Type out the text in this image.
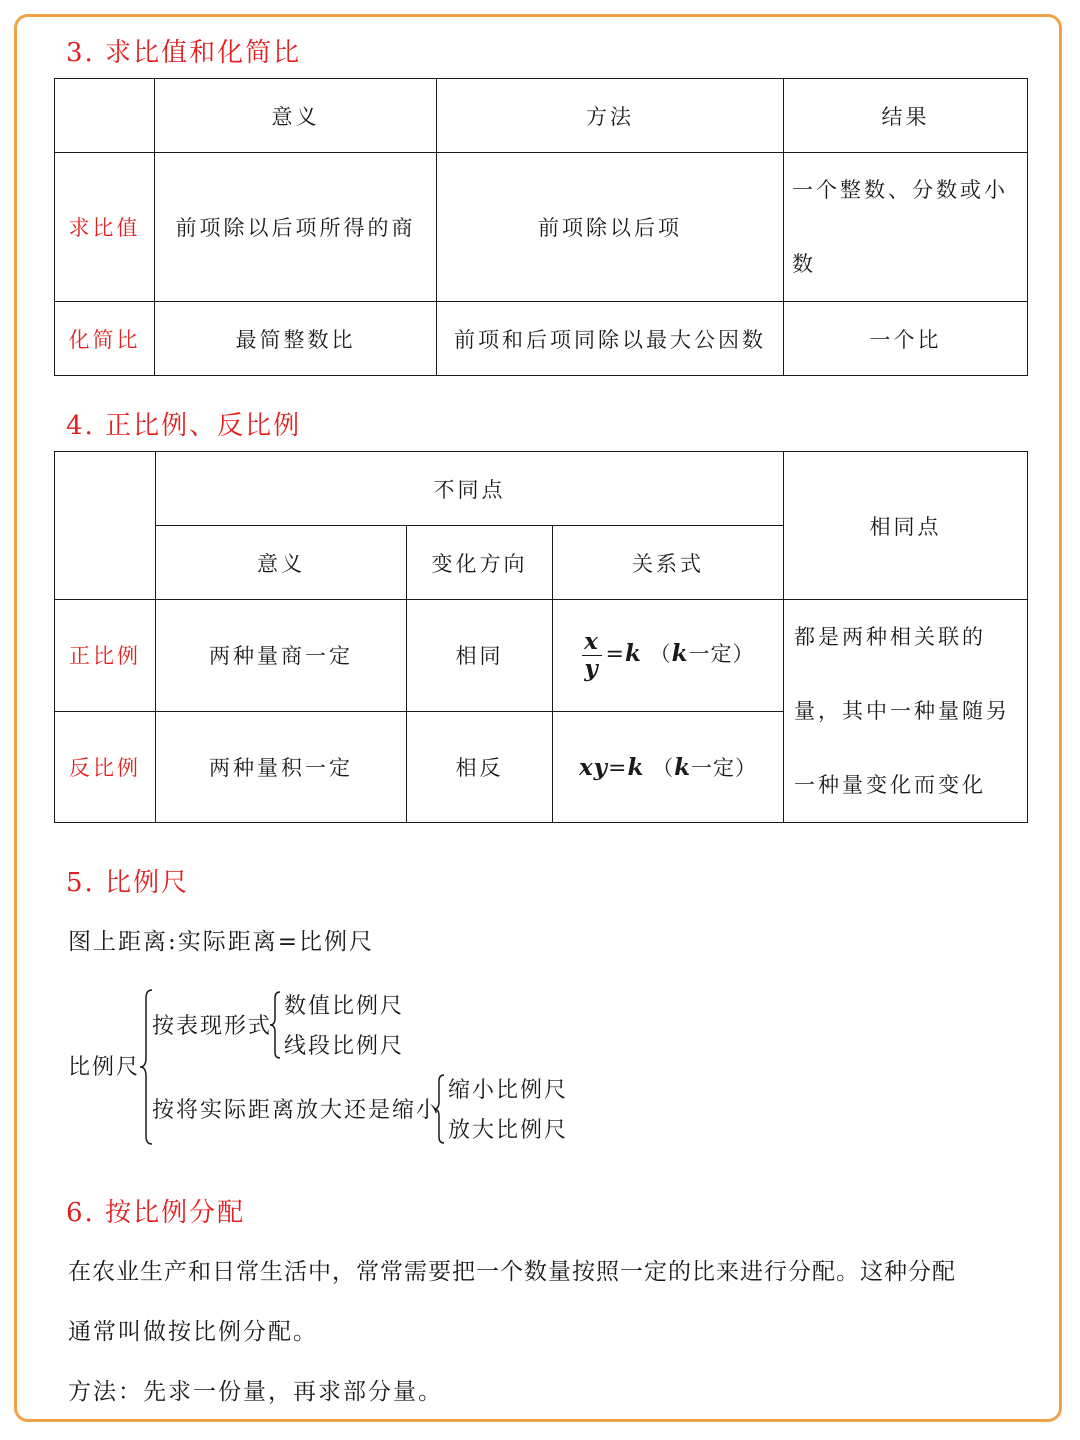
3. 求比值和化简比
	意义	方法	结果
求比值	前项除以后项所得的商	前项除以后项	一个整数、分数或小数
化简比	最简整数比	前项和后项同除以最大公因数	一个比
4. 正比例、反比例
	不同点			相同点
	意义	变化方向	关系式	
正比例	两种量商一定	相同	$\frac{x}{y} =k$ （k一定）	都是两种相关联的量，其中一种量随另一种量变化而变化
反比例	两种量积一定	相反	xy=k （k一定）	
5. 比例尺

图上距离:实际距离=比例尺

比例尺
按表现形式
数值比例尺
线段比例尺
按将实际距离放大还是缩小
缩小比例尺
放大比例尺
6. 按比例分配

在农业生产和日常生活中，常常需要把一个数量按照一定的比来进行分配。这种分配

通常叫做按比例分配。

方法：先求一份量，再求部分量。
